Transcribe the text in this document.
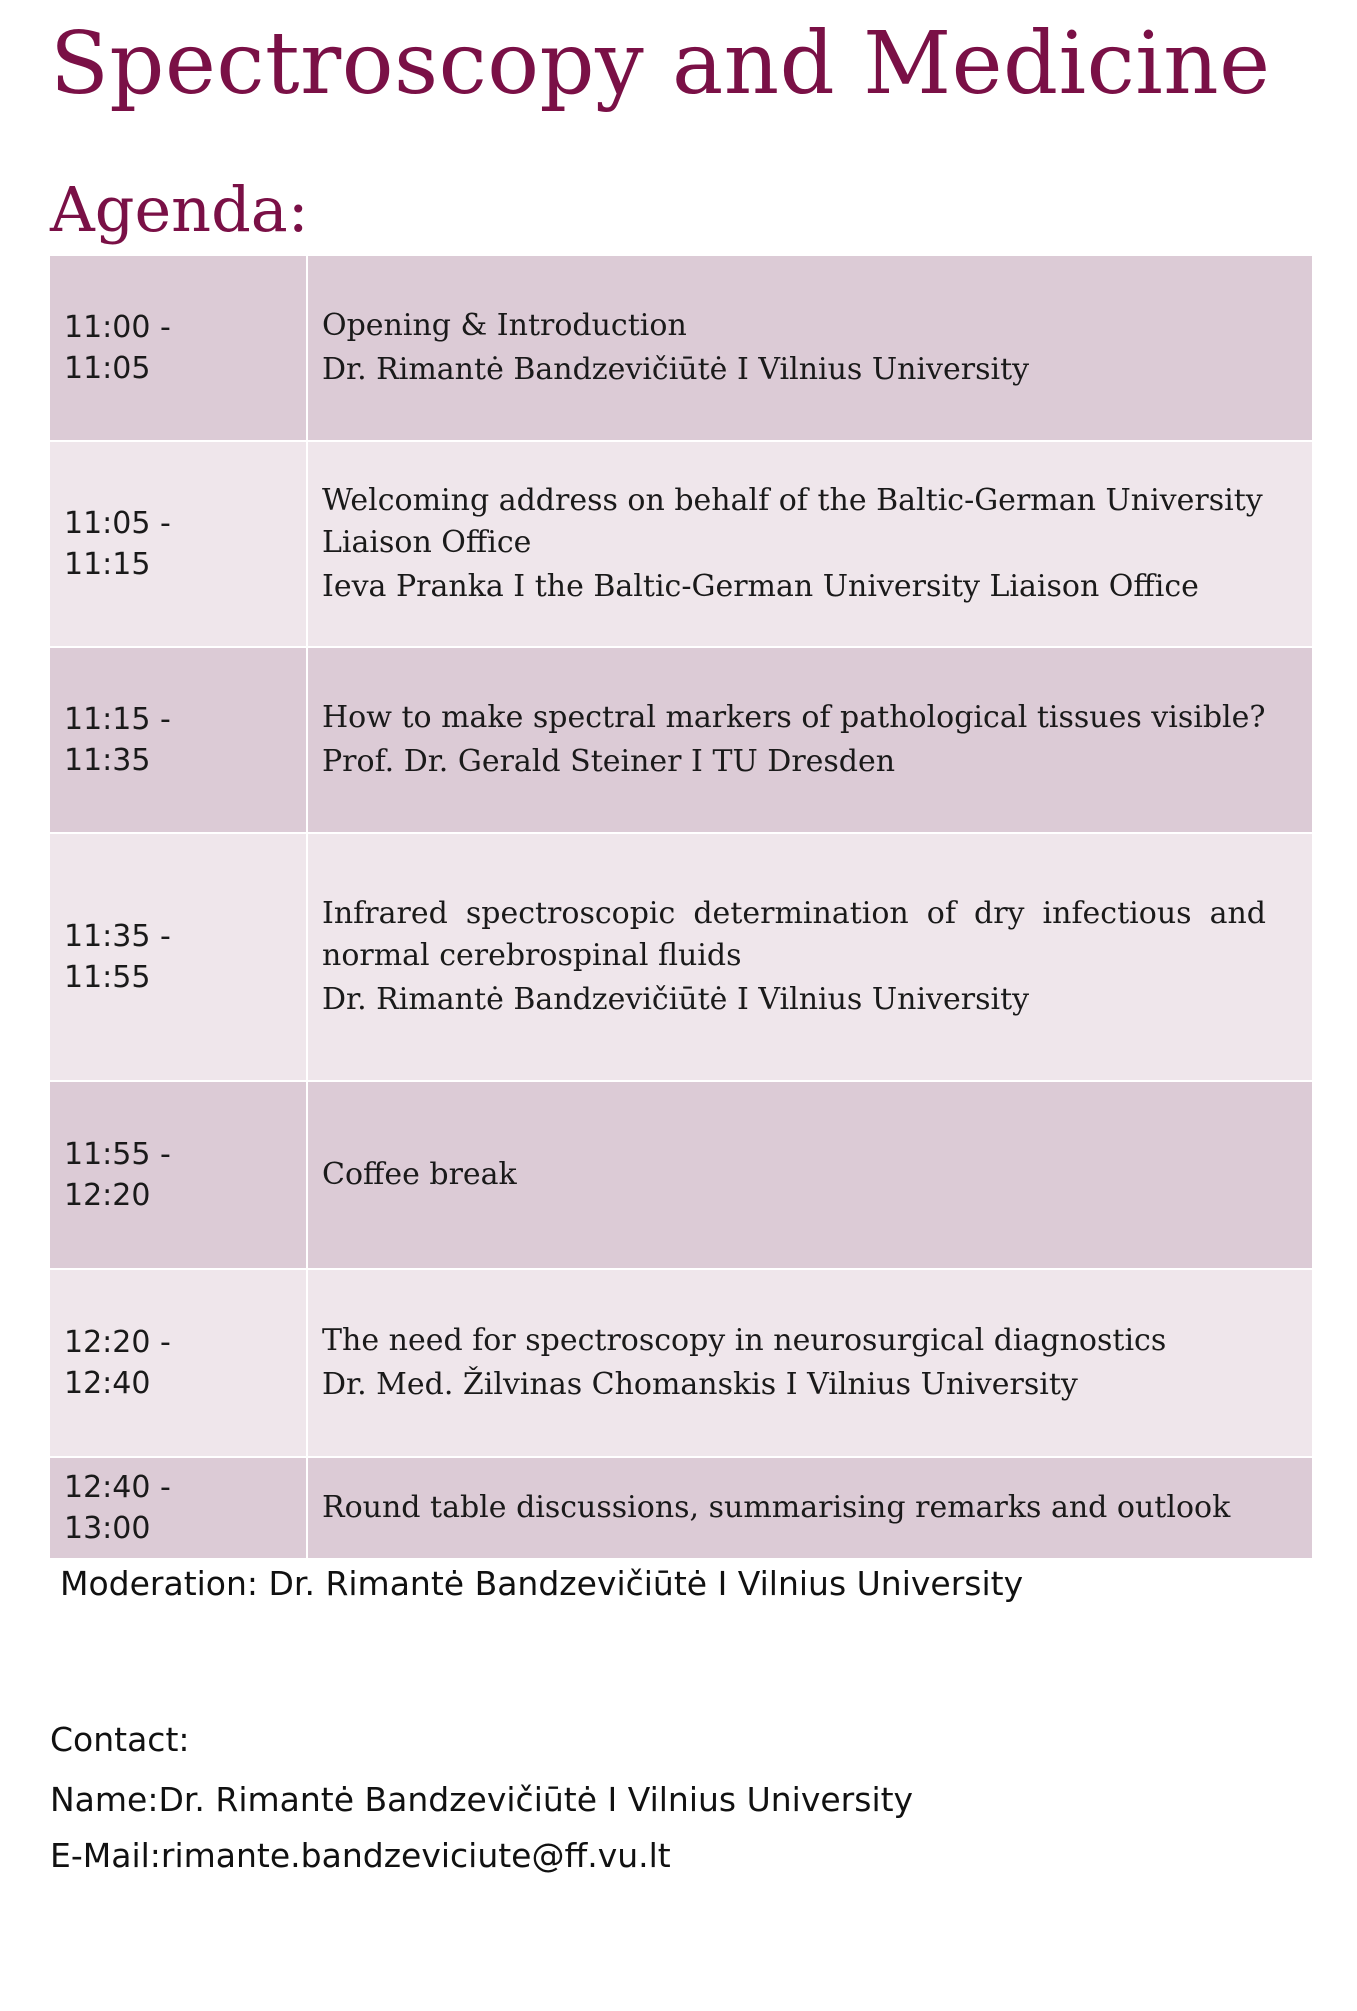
Spectroscopy and Medicine
Agenda:
11:00 -
11:05
Opening & Introduction
Dr. Rimantė Bandzevičiūtė I Vilnius University
11:05 -
11:15
Welcoming address on behalf of the Baltic-German University Liaison Office
Ieva Pranka I the Baltic-German University Liaison Office
11:15 -
11:35
How to make spectral markers of pathological tissues visible?
Prof. Dr. Gerald Steiner I TU Dresden
11:35 -
11:55
Infrared spectroscopic determination of dry infectious and normal cerebrospinal fluids
Dr. Rimantė Bandzevičiūtė I Vilnius University
11:55 -
12:20
Coffee break
12:20 -
12:40
The need for spectroscopy in neurosurgical diagnostics
Dr. Med. Žilvinas Chomanskis I Vilnius University
12:40 -
13:00
Round table discussions, summarising remarks and outlook
Moderation: Dr. Rimantė Bandzevičiūtė I Vilnius University
Contact:
Name:Dr. Rimantė Bandzevičiūtė I Vilnius University
E-Mail:rimante.bandzeviciute@ff.vu.lt
